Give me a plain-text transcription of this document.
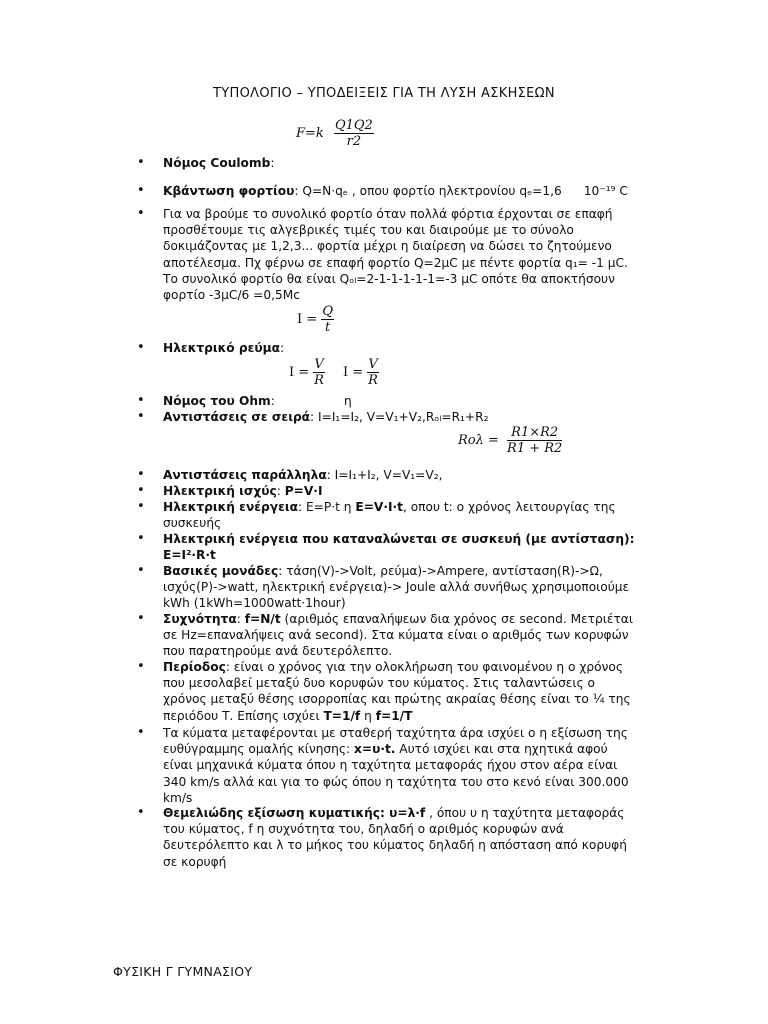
ΤΥΠΟΛΟΓΙΟ – ΥΠΟΔΕΙΞΕΙΣ ΓΙΑ ΤΗ ΛΥΣΗ ΑΣΚΗΣΕΩΝ
$F=k \frac{Q1Q2}{r2}$
$I = \frac{Q}{t}$
$I = \frac{V}{R}$ $I = \frac{V}{R}$
$Ro\lambda = \frac{R1\times R2}{R1 + R2}$
• Νόμος Coulomb:
• Κβάντωση φορτίου: Q=N·qₑ , οπου φορτίο ηλεκτρονίου qₑ=1,6 10⁻¹⁹ C
• Για να βρούμε το συνολικό φορτίο όταν πολλά φόρτια έρχονται σε επαφή προσθέτουμε τις αλγεβρικές τιμές του και διαιρούμε με το σύνολο δοκιμάζοντας με 1,2,3... φορτία μέχρι η διαίρεση να δώσει το ζητούμενο αποτέλεσμα. Πχ φέρνω σε επαφή φορτίο Q=2μC με πέντε φορτία q₁= -1 μC. Το συνολικό φορτίο θα είναι Qₒₗ=2-1-1-1-1-1=-3 μC οπότε θα αποκτήσουν φορτίο -3μC/6 =0,5Mc
• Ηλεκτρικό ρεύμα:
• Νόμος του Ohm:	η
• Αντιστάσεις σε σειρά: I=I₁=I₂, V=V₁+V₂,Rₒₗ=R₁+R₂
• Αντιστάσεις παράλληλα: I=I₁+I₂, V=V₁=V₂,
• Ηλεκτρική ισχύς: P=V·I
• Ηλεκτρική ενέργεια: E=P·t η E=V·I·t, οπου t: ο χρόνος λειτουργίας της συσκευής
• Ηλεκτρική ενέργεια που καταναλώνεται σε συσκευή (με αντίσταση): E=I²·R·t
• Βασικές μονάδες: τάση(V)->Volt, ρεύμα)->Ampere, αντίσταση(R)->Ω, ισχύς(P)->watt, ηλεκτρική ενέργεια)-> Joule αλλά συνήθως χρησιμοποιούμε kWh (1kWh=1000watt·1hour)
• Συχνότητα: f=N/t (αριθμός επαναλήψεων δια χρόνος σε second. Μετριέται σε Hz=επαναλήψεις ανά second). Στα κύματα είναι ο αριθμός των κορυφών που παρατηρούμε ανά δευτερόλεπτο.
• Περίοδος: είναι ο χρόνος για την ολοκλήρωση του φαινομένου η ο χρόνος που μεσολαβεί μεταξύ δυο κορυφών του κύματος. Στις ταλαντώσεις ο χρόνος μεταξύ θέσης ισορροπίας και πρώτης ακραίας θέσης είναι το ¼ της περιόδου Τ. Επίσης ισχύει T=1/f η f=1/T
• Τα κύματα μεταφέρονται με σταθερή ταχύτητα άρα ισχύει ο η εξίσωση της ευθύγραμμης ομαλής κίνησης: x=υ·t. Αυτό ισχύει και στα ηχητικά αφού είναι μηχανικά κύματα όπου η ταχύτητα μεταφοράς ήχου στον αέρα είναι 340 km/s αλλά και για το φώς όπου η ταχύτητα του στο κενό είναι 300.000 km/s
• Θεμελιώδης εξίσωση κυματικής: υ=λ·f , όπου υ η ταχύτητα μεταφοράς του κύματος, f η συχνότητα του, δηλαδή ο αριθμός κορυφών ανά δευτερόλεπτο και λ το μήκος του κύματος δηλαδή η απόσταση από κορυφή σε κορυφή
ΦΥΣΙΚΗ Γ ΓΥΜΝΑΣΙΟΥ
